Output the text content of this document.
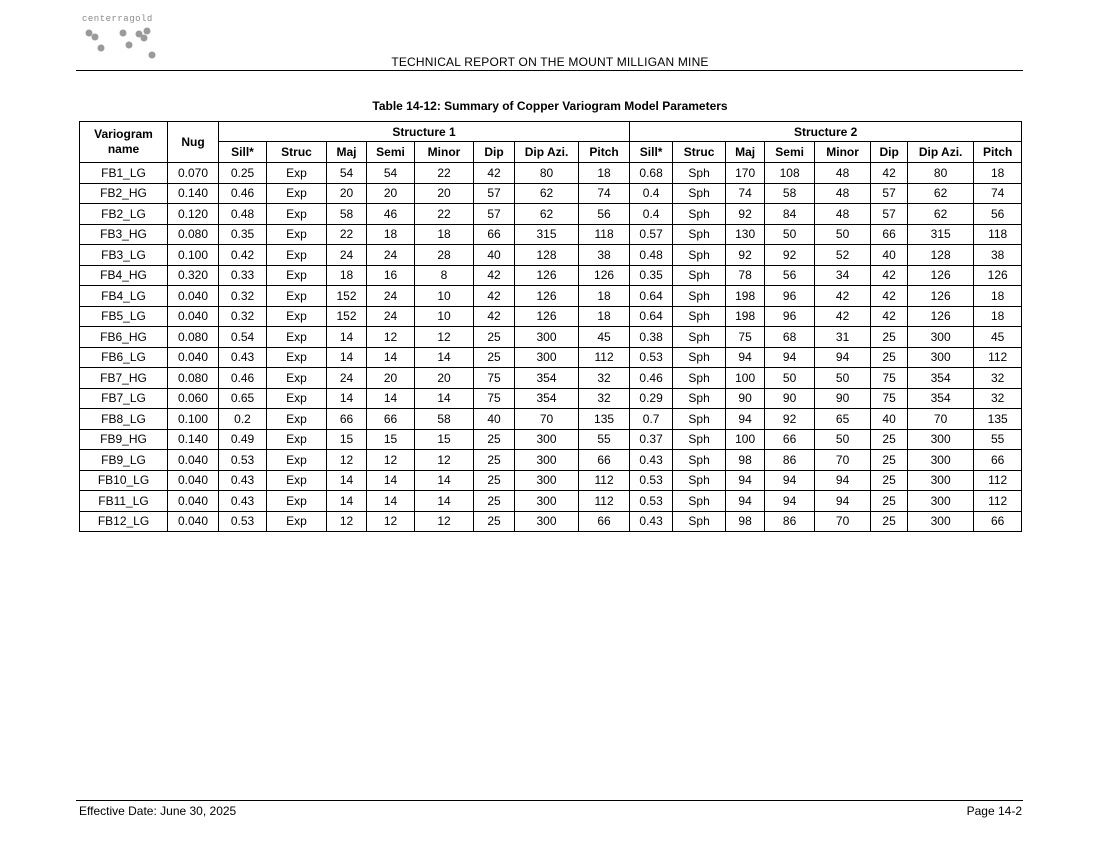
centerragold
TECHNICAL REPORT ON THE MOUNT MILLIGAN MINE
Table 14-12: Summary of Copper Variogram Model Parameters
Variogram name	Nug	Structure 1								Structure 2							
		Sill*	Struc	Maj	Semi	Minor	Dip	Dip Azi.	Pitch	Sill*	Struc	Maj	Semi	Minor	Dip	Dip Azi.	Pitch
FB1_LG	0.070	0.25	Exp	54	54	22	42	80	18	0.68	Sph	170	108	48	42	80	18
FB2_HG	0.140	0.46	Exp	20	20	20	57	62	74	0.4	Sph	74	58	48	57	62	74
FB2_LG	0.120	0.48	Exp	58	46	22	57	62	56	0.4	Sph	92	84	48	57	62	56
FB3_HG	0.080	0.35	Exp	22	18	18	66	315	118	0.57	Sph	130	50	50	66	315	118
FB3_LG	0.100	0.42	Exp	24	24	28	40	128	38	0.48	Sph	92	92	52	40	128	38
FB4_HG	0.320	0.33	Exp	18	16	8	42	126	126	0.35	Sph	78	56	34	42	126	126
FB4_LG	0.040	0.32	Exp	152	24	10	42	126	18	0.64	Sph	198	96	42	42	126	18
FB5_LG	0.040	0.32	Exp	152	24	10	42	126	18	0.64	Sph	198	96	42	42	126	18
FB6_HG	0.080	0.54	Exp	14	12	12	25	300	45	0.38	Sph	75	68	31	25	300	45
FB6_LG	0.040	0.43	Exp	14	14	14	25	300	112	0.53	Sph	94	94	94	25	300	112
FB7_HG	0.080	0.46	Exp	24	20	20	75	354	32	0.46	Sph	100	50	50	75	354	32
FB7_LG	0.060	0.65	Exp	14	14	14	75	354	32	0.29	Sph	90	90	90	75	354	32
FB8_LG	0.100	0.2	Exp	66	66	58	40	70	135	0.7	Sph	94	92	65	40	70	135
FB9_HG	0.140	0.49	Exp	15	15	15	25	300	55	0.37	Sph	100	66	50	25	300	55
FB9_LG	0.040	0.53	Exp	12	12	12	25	300	66	0.43	Sph	98	86	70	25	300	66
FB10_LG	0.040	0.43	Exp	14	14	14	25	300	112	0.53	Sph	94	94	94	25	300	112
FB11_LG	0.040	0.43	Exp	14	14	14	25	300	112	0.53	Sph	94	94	94	25	300	112
FB12_LG	0.040	0.53	Exp	12	12	12	25	300	66	0.43	Sph	98	86	70	25	300	66
Effective Date: June 30, 2025	Page 14-2
